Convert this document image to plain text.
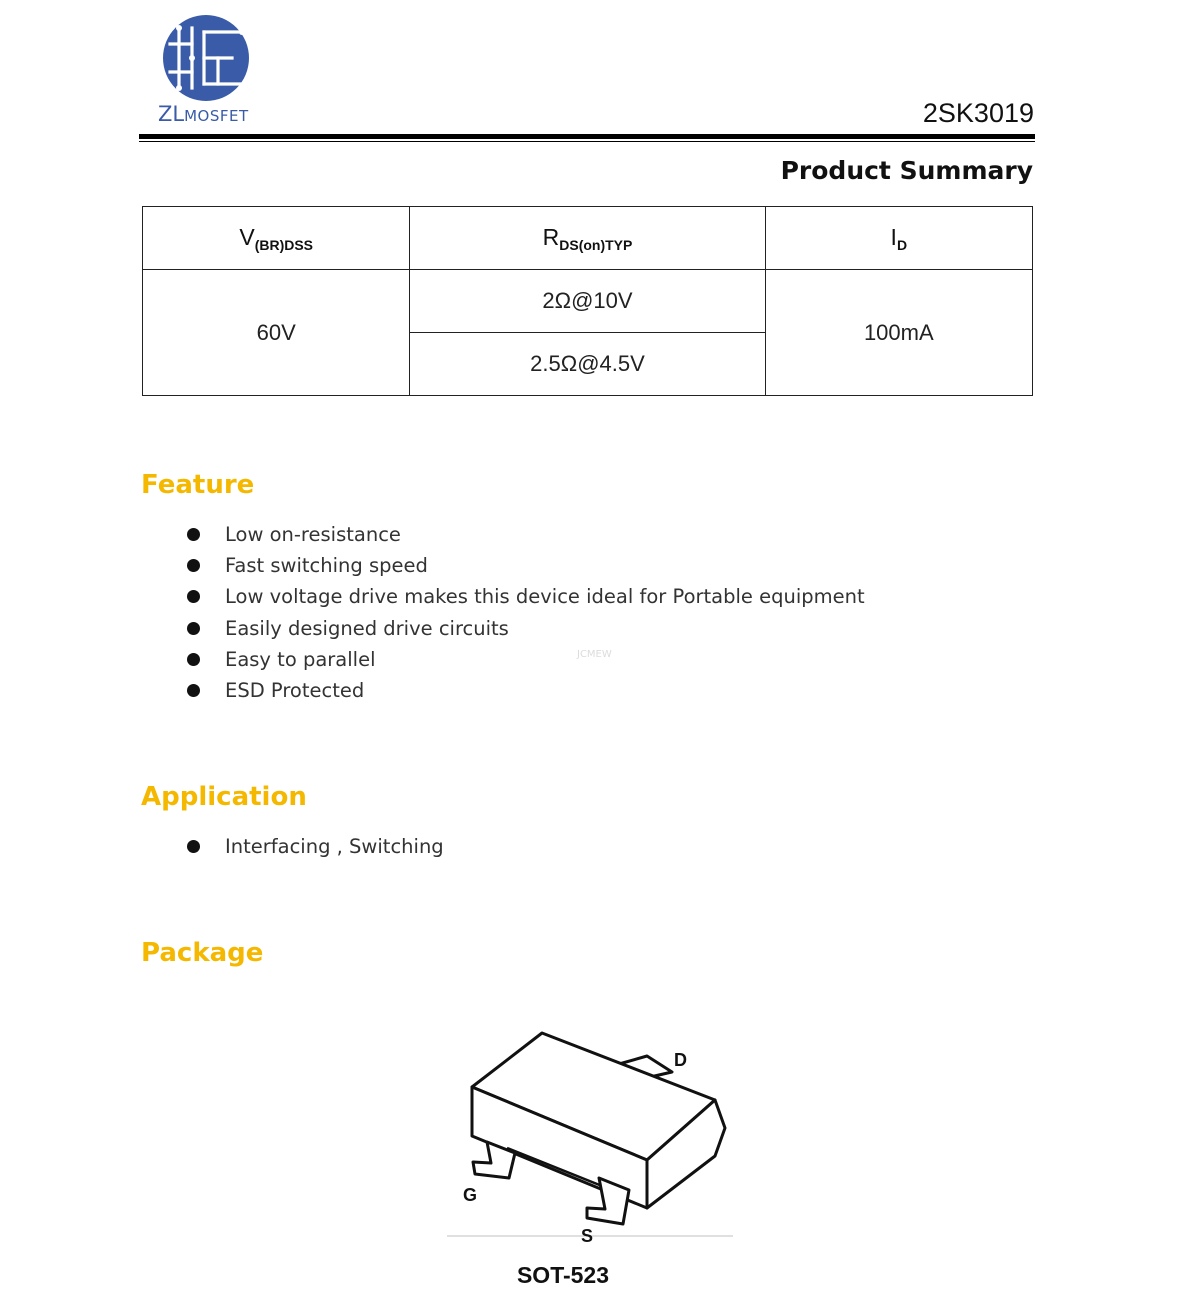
ZLMOSFET	2SK3019
Product Summary
$V_{(BR)DSS}$	$R_{DS(on)TYP}$	$I_D$
60V	2Ω@10V	100mA
	2.5Ω@4.5V	
Feature
Low on-resistance
Fast switching speed
Low voltage drive makes this device ideal for Portable equipment
Easily designed drive circuits
Easy to parallel
ESD Protected
JCMEW
Application
Interfacing , Switching
Package
D
G
S
SOT-523
